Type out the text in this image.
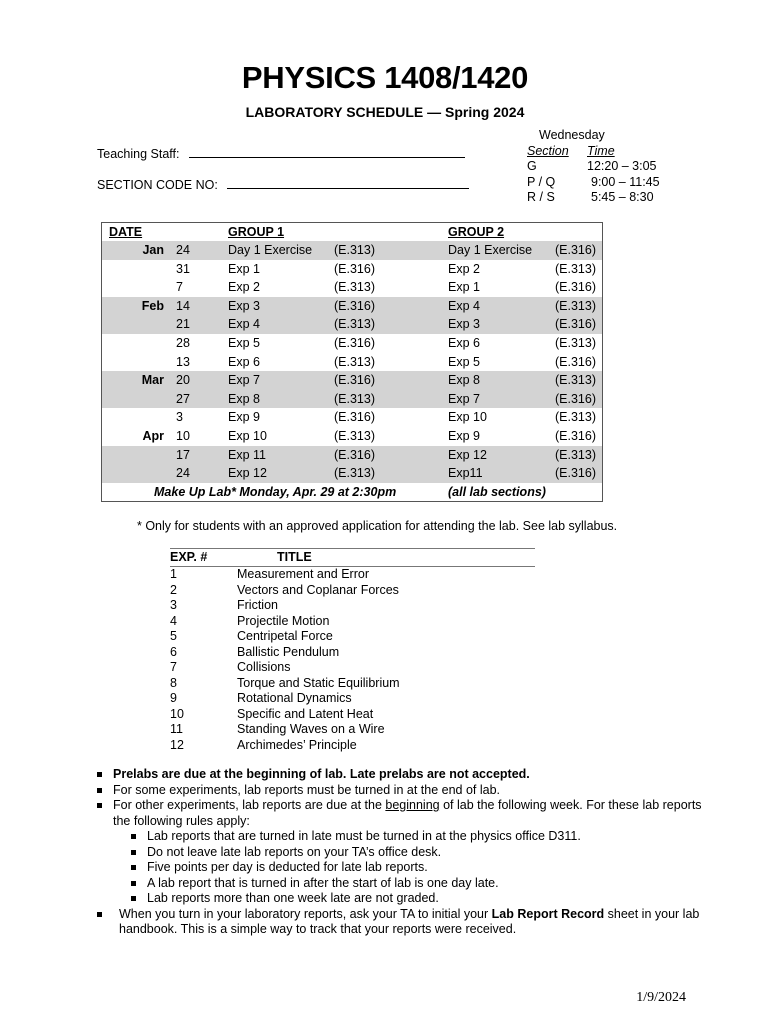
PHYSICS 1408/1420
LABORATORY SCHEDULE — Spring 2024
Teaching Staff:
SECTION CODE NO:
Wednesday
Section	Time
G	12:20 – 3:05
P / Q	9:00 – 11:45
R / S	5:45 – 8:30
DATE	GROUP 1	GROUP 2
Jan 24	Day 1 Exercise (E.313)	Day 1 Exercise (E.316)
31	Exp 1	(E.316)	Exp 2	(E.313)
7	Exp 2	(E.313)	Exp 1	(E.316)
Feb 14	Exp 3	(E.316)	Exp 4	(E.313)
21	Exp 4	(E.313)	Exp 3	(E.316)
28	Exp 5	(E.316)	Exp 6	(E.313)
13	Exp 6	(E.313)	Exp 5	(E.316)
Mar 20	Exp 7	(E.316)	Exp 8	(E.313)
27	Exp 8	(E.313)	Exp 7	(E.316)
3	Exp 9	(E.316)	Exp 10	(E.313)
Apr 10	Exp 10	(E.313)	Exp 9	(E.316)
17	Exp 11	(E.316)	Exp 12	(E.313)
24	Exp 12	(E.313)	Exp11	(E.316)
Make Up Lab* Monday, Apr. 29 at 2:30pm	(all lab sections)
* Only for students with an approved application for attending the lab. See lab syllabus.
EXP. #	TITLE
1	Measurement and Error
2	Vectors and Coplanar Forces
3	Friction
4	Projectile Motion
5	Centripetal Force
6	Ballistic Pendulum
7	Collisions
8	Torque and Static Equilibrium
9	Rotational Dynamics
10	Specific and Latent Heat
11	Standing Waves on a Wire
12	Archimedes’ Principle
Prelabs are due at the beginning of lab. Late prelabs are not accepted.
For some experiments, lab reports must be turned in at the end of lab.
For other experiments, lab reports are due at the beginning of lab the following week. For these lab reports the following rules apply:
Lab reports that are turned in late must be turned in at the physics office D311.
Do not leave late lab reports on your TA’s office desk.
Five points per day is deducted for late lab reports.
A lab report that is turned in after the start of lab is one day late.
Lab reports more than one week late are not graded.
When you turn in your laboratory reports, ask your TA to initial your Lab Report Record sheet in your lab handbook. This is a simple way to track that your reports were received.
1/9/2024
